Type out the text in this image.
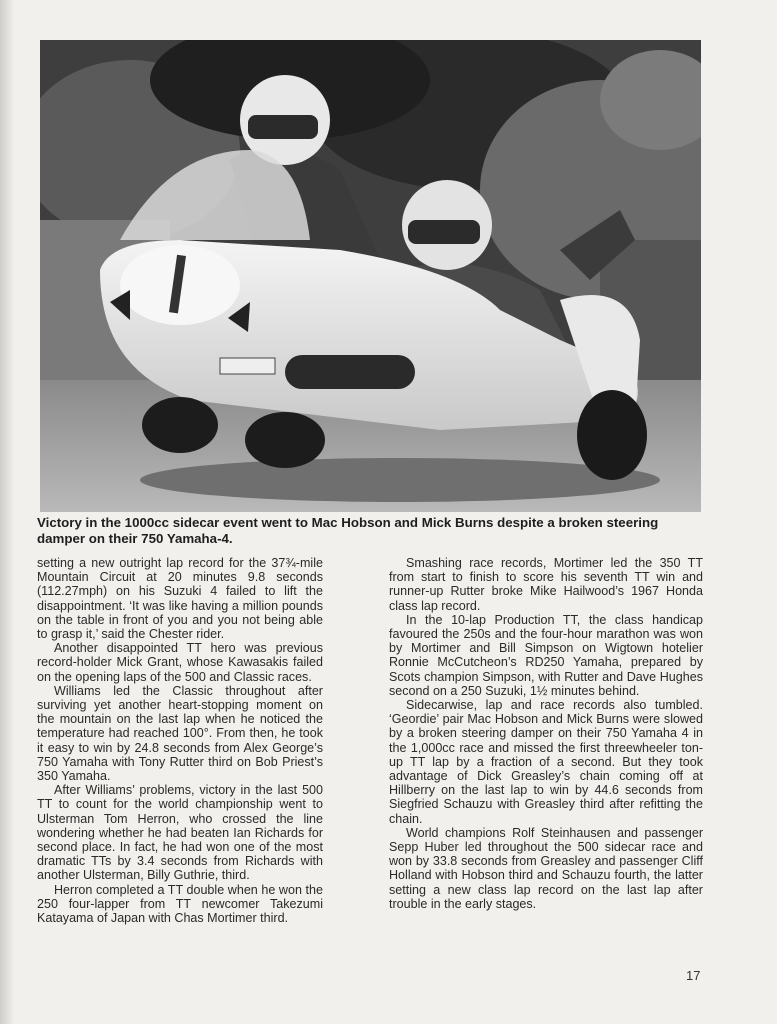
Victory in the 1000cc sidecar event went to Mac Hobson and Mick Burns despite a broken steering damper on their 750 Yamaha-4.

setting a new outright lap record for the 37¾-mile Mountain Circuit at 20 minutes 9.8 seconds (112.27mph) on his Suzuki 4 failed to lift the disappointment. ‘It was like having a million pounds on the table in front of you and you not being able to grasp it,’ said the Chester rider.

Another disappointed TT hero was previous record-holder Mick Grant, whose Kawasakis failed on the opening laps of the 500 and Classic races.

Williams led the Classic throughout after surviving yet another heart-stopping moment on the mountain on the last lap when he noticed the temperature had reached 100°. From then, he took it easy to win by 24.8 seconds from Alex George’s 750 Yamaha with Tony Rutter third on Bob Priest’s 350 Yamaha.

After Williams’ problems, victory in the last 500 TT to count for the world championship went to Ulsterman Tom Herron, who crossed the line wondering whether he had beaten Ian Richards for second place. In fact, he had won one of the most dramatic TTs by 3.4 seconds from Richards with another Ulsterman, Billy Guthrie, third.

Herron completed a TT double when he won the 250 four-lapper from TT newcomer Takezumi Katayama of Japan with Chas Mortimer third.

Smashing race records, Mortimer led the 350 TT from start to finish to score his seventh TT win and runner-up Rutter broke Mike Hailwood’s 1967 Honda class lap record.

In the 10-lap Production TT, the class handicap favoured the 250s and the four-hour marathon was won by Mortimer and Bill Simpson on Wigtown hotelier Ronnie McCutcheon’s RD250 Yamaha, prepared by Scots champion Simpson, with Rutter and Dave Hughes second on a 250 Suzuki, 1½ minutes behind.

Sidecarwise, lap and race records also tumbled. ‘Geordie’ pair Mac Hobson and Mick Burns were slowed by a broken steering damper on their 750 Yamaha 4 in the 1,000cc race and missed the first threewheeler ton-up TT lap by a fraction of a second. But they took advantage of Dick Greasley’s chain coming off at Hillberry on the last lap to win by 44.6 seconds from Siegfried Schauzu with Greasley third after refitting the chain.

World champions Rolf Steinhausen and passenger Sepp Huber led throughout the 500 sidecar race and won by 33.8 seconds from Greasley and passenger Cliff Holland with Hobson third and Schauzu fourth, the latter setting a new class lap record on the last lap after trouble in the early stages.

17
